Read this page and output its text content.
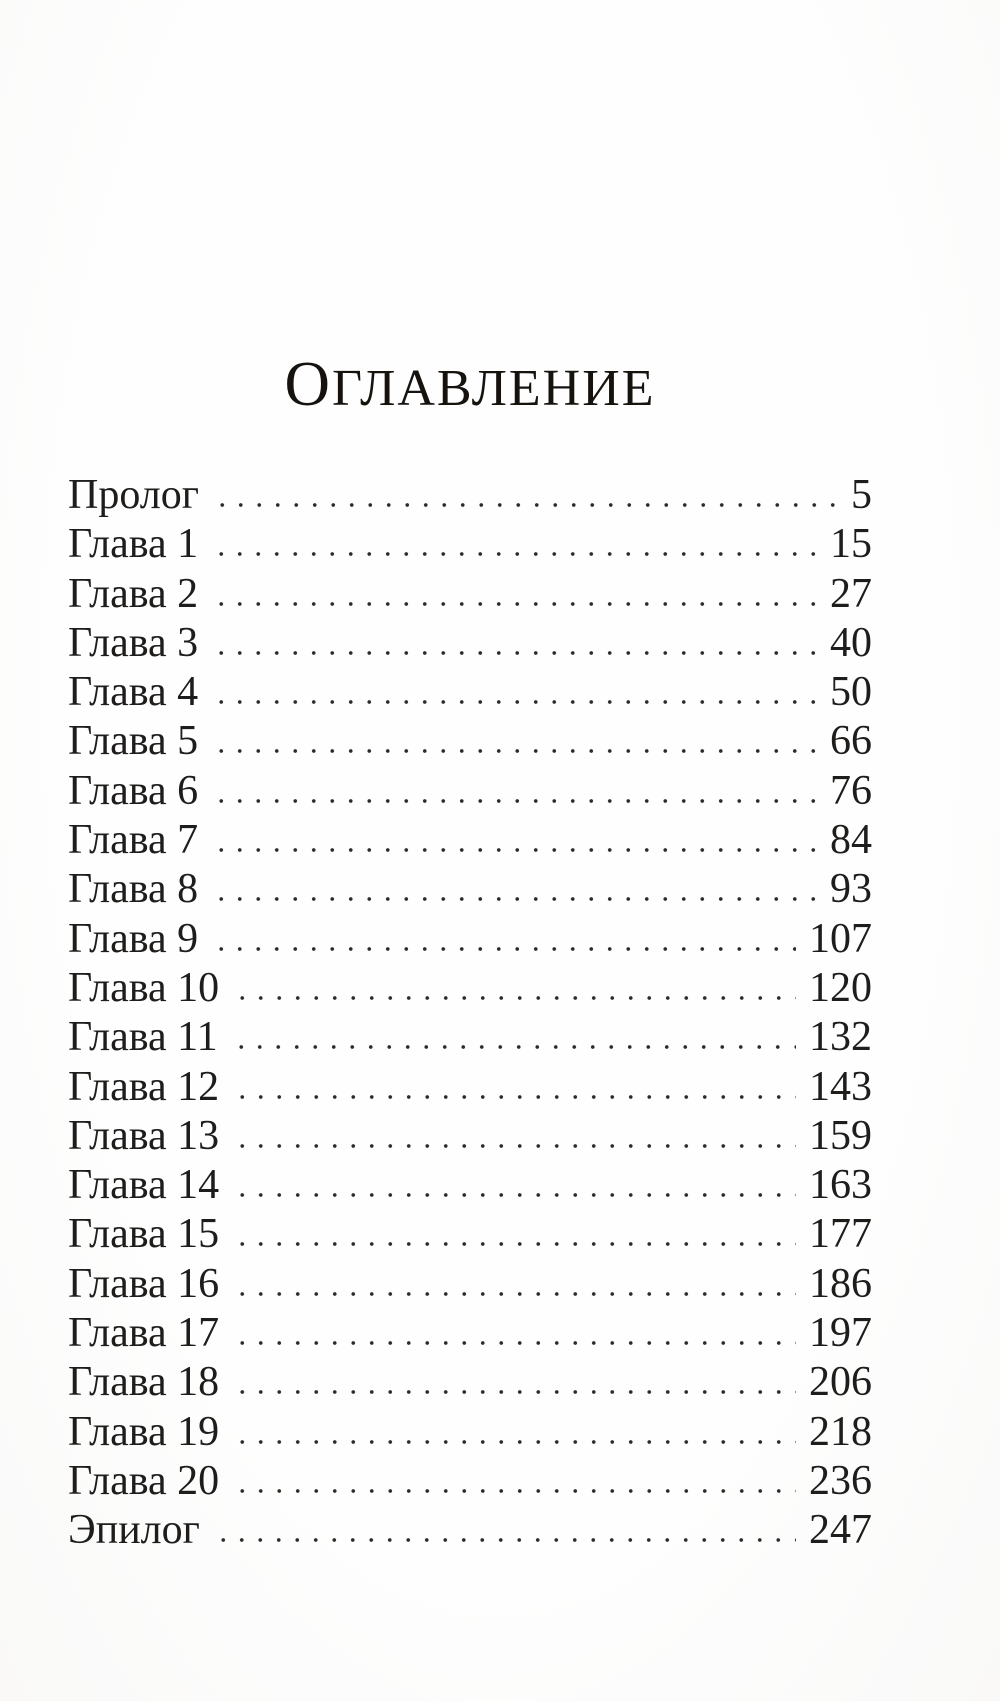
ОГЛАВЛЕНИЕ
Пролог	5
Глава 1	15
Глава 2	27
Глава 3	40
Глава 4	50
Глава 5	66
Глава 6	76
Глава 7	84
Глава 8	93
Глава 9	107
Глава 10	120
Глава 11	132
Глава 12	143
Глава 13	159
Глава 14	163
Глава 15	177
Глава 16	186
Глава 17	197
Глава 18	206
Глава 19	218
Глава 20	236
Эпилог	247
